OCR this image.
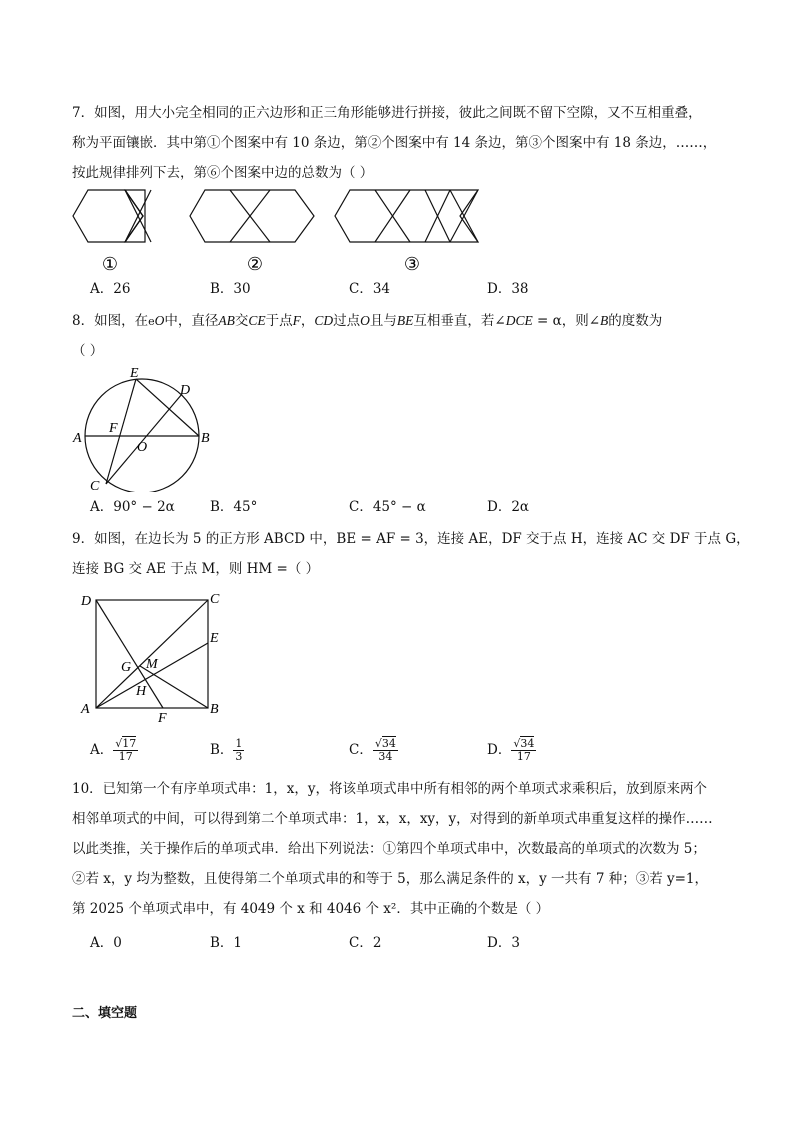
7．如图，用大小完全相同的正六边形和正三角形能够进行拼接，彼此之间既不留下空隙，又不互相重叠，
称为平面镶嵌．其中第①个图案中有 10 条边，第②个图案中有 14 条边，第③个图案中有 18 条边，……，
按此规律排列下去，第⑥个图案中边的总数为（ ）
①	②	③
A．26	B．30	C．34	D．38
8．如图，在eO中，直径AB交CE于点F，CD过点O且与BE互相垂直，若∠DCE = α，则∠B的度数为
（ ）
E
D
A	B
F
O
C
A．90° − 2α	B．45°	C．45° − α	D．2α
9．如图，在边长为 5 的正方形 ABCD 中，BE = AF = 3，连接 AE，DF 交于点 H，连接 AC 交 DF 于点 G，
连接 BG 交 AE 于点 M，则 HM =（ ）
D	C
E
G M
H
A	B
F
A． $\frac{√17}{17}$	B． $\frac{1}{3}$	C． $\frac{√34}{34}$	D． $\frac{√34}{17}$
10．已知第一个有序单项式串：1，x，y，将该单项式串中所有相邻的两个单项式求乘积后，放到原来两个
相邻单项式的中间，可以得到第二个单项式串：1，x，x，xy，y，对得到的新单项式串重复这样的操作……
以此类推，关于操作后的单项式串．给出下列说法：①第四个单项式串中，次数最高的单项式的次数为 5；
②若 x，y 均为整数，且使得第二个单项式串的和等于 5，那么满足条件的 x，y 一共有 7 种；③若 y=1，
第 2025 个单项式串中，有 4049 个 x 和 4046 个 x²．其中正确的个数是（ ）
A．0	B．1	C．2	D．3
二、填空题
